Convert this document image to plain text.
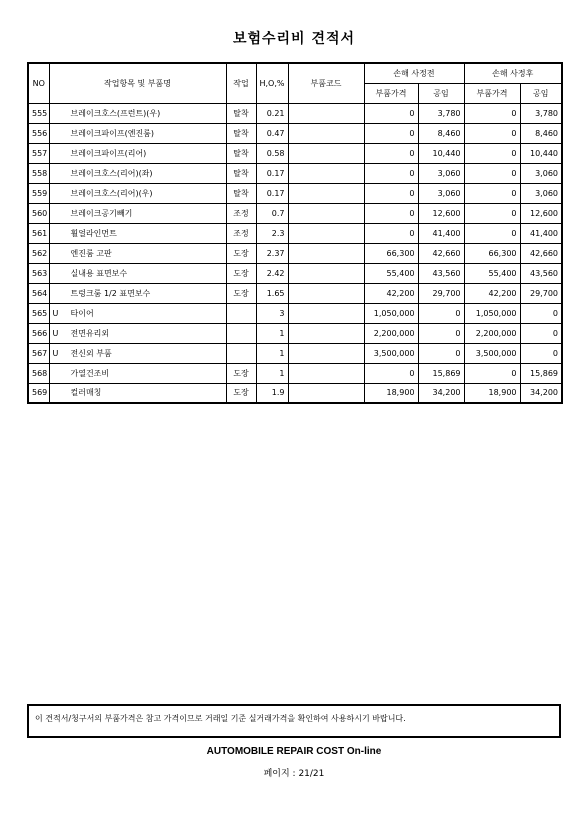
보험수리비 견적서
NO	작업항목 및 부품명	작업	H,O,%	부품코드	손해 사정전		손해 사정후	
					부품가격	공임	부품가격	공임
555	브레이크호스(프런트)(우)	탈착	0.21		0	3,780	0	3,780
556	브레이크파이프(엔진룸)	탈착	0.47		0	8,460	0	8,460
557	브레이크파이프(리어)	탈착	0.58		0	10,440	0	10,440
558	브레이크호스(리어)(좌)	탈착	0.17		0	3,060	0	3,060
559	브레이크호스(리어)(우)	탈착	0.17		0	3,060	0	3,060
560	브레이크공기빼기	조정	0.7		0	12,600	0	12,600
561	휠얼라인먼트	조정	2.3		0	41,400	0	41,400
562	엔진룸 고판	도장	2.37		66,300	42,660	66,300	42,660
563	실내용 표면보수	도장	2.42		55,400	43,560	55,400	43,560
564	트렁크룸 1/2 표면보수	도장	1.65		42,200	29,700	42,200	29,700
565	U 타이어		3		1,050,000	0	1,050,000	0
566	U 전면유리외		1		2,200,000	0	2,200,000	0
567	U 전신외 부품		1		3,500,000	0	3,500,000	0
568	가열건조비	도장	1		0	15,869	0	15,869
569	컬러매칭	도장	1.9		18,900	34,200	18,900	34,200
이 견적서/청구서의 부품가격은 참고 가격이므로 거래일 기준 실거래가격을 확인하여 사용하시기 바랍니다.
AUTOMOBILE REPAIR COST On-line
페이지 : 21/21
